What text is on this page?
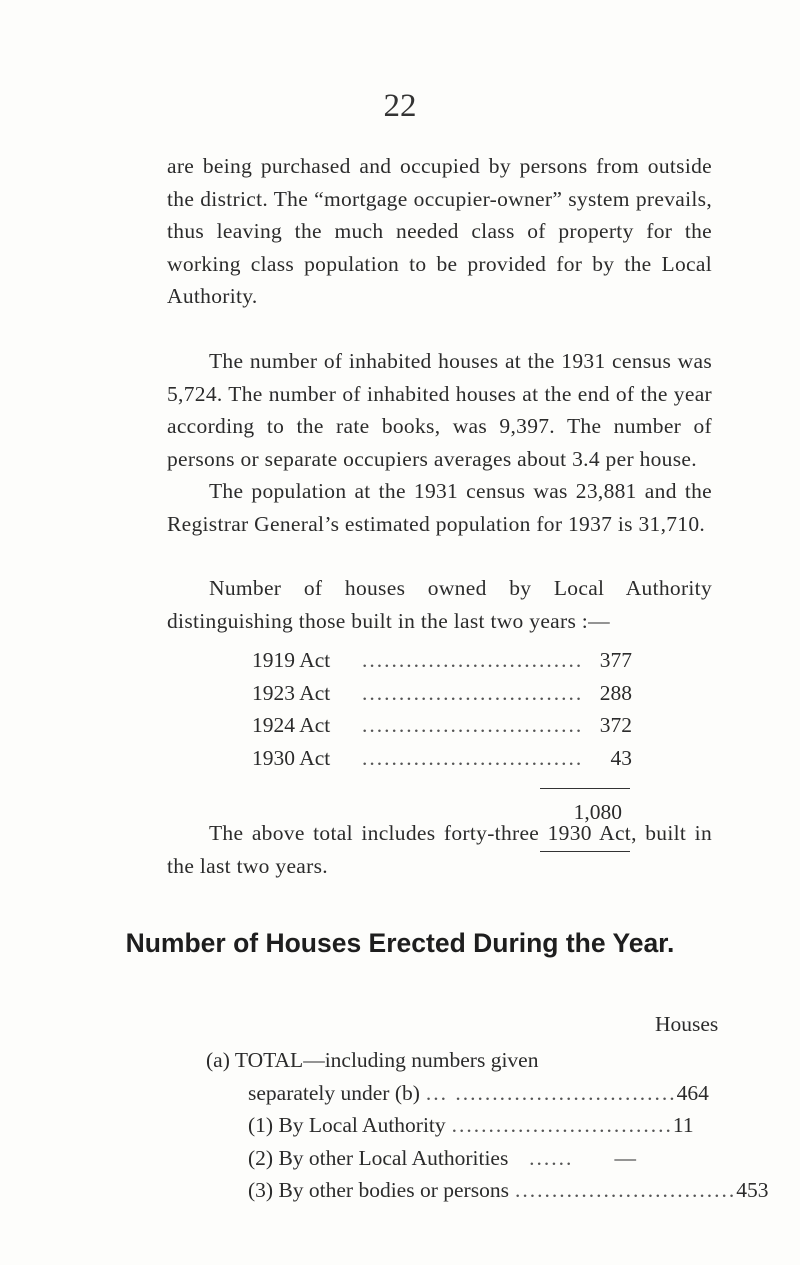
22

are being purchased and occupied by persons from outside the district. The “mortgage occupier-owner” system prevails, thus leaving the much needed class of property for the working class population to be provided for by the Local Authority.

The number of inhabited houses at the 1931 census was 5,724. The number of inhabited houses at the end of the year according to the rate books, was 9,397. The number of persons or separate occupiers averages about 3.4 per house.

The population at the 1931 census was 23,881 and the Registrar General’s estimated population for 1937 is 31,710.

Number of houses owned by Local Authority distinguishing those built in the last two years :—

1919 Act	.............................. 377
1923 Act	.............................. 288
1924 Act	.............................. 372
1930 Act	..............................	43
1,080

The above total includes forty-three 1930 Act, built in the last two years.

Number of Houses Erected During the Year.
Houses
(a) TOTAL—including numbers given
separately under (b) ... .............................. 464
(1) By Local Authority .............................. 11
(2) By other Local Authorities ......	—
(3) By other bodies or persons .............................. 453
